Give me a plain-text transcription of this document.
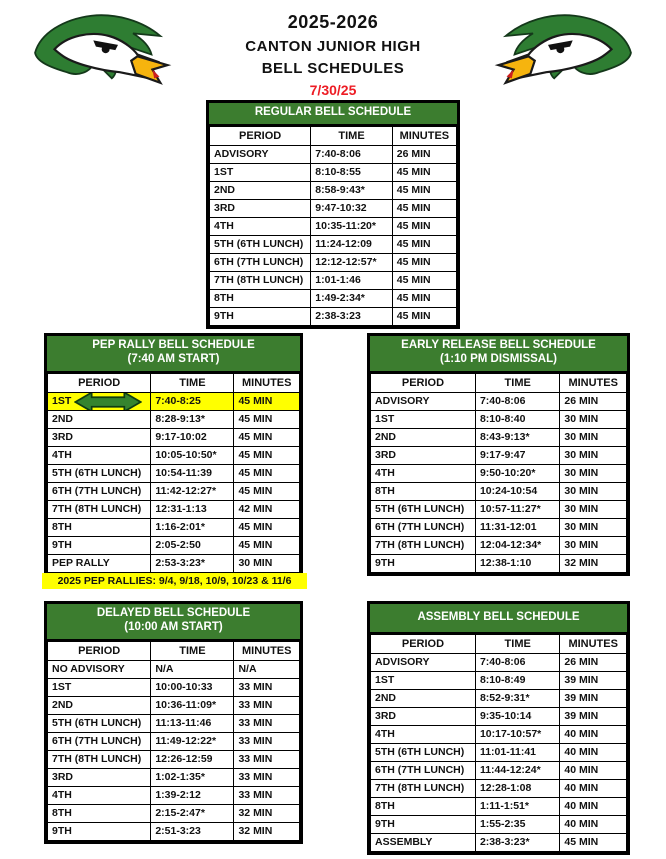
2025-2026
CANTON JUNIOR HIGH
BELL SCHEDULES
7/30/25
REGULAR BELL SCHEDULE
PERIOD	TIME	MINUTES
ADVISORY	7:40-8:06	26 MIN
1ST	8:10-8:55	45 MIN
2ND	8:58-9:43*	45 MIN
3RD	9:47-10:32	45 MIN
4TH	10:35-11:20*	45 MIN
5TH (6TH LUNCH)	11:24-12:09	45 MIN
6TH (7TH LUNCH)	12:12-12:57*	45 MIN
7TH (8TH LUNCH)	1:01-1:46	45 MIN
8TH	1:49-2:34*	45 MIN
9TH	2:38-3:23	45 MIN
PEP RALLY BELL SCHEDULE
(7:40 AM START)
PERIOD	TIME	MINUTES
1ST	7:40-8:25	45 MIN
2ND	8:28-9:13*	45 MIN
3RD	9:17-10:02	45 MIN
4TH	10:05-10:50*	45 MIN
5TH (6TH LUNCH)	10:54-11:39	45 MIN
6TH (7TH LUNCH)	11:42-12:27*	45 MIN
7TH (8TH LUNCH)	12:31-1:13	42 MIN
8TH	1:16-2:01*	45 MIN
9TH	2:05-2:50	45 MIN
PEP RALLY	2:53-3:23*	30 MIN
2025 PEP RALLIES: 9/4, 9/18, 10/9, 10/23 & 11/6
EARLY RELEASE BELL SCHEDULE
(1:10 PM DISMISSAL)
PERIOD	TIME	MINUTES
ADVISORY	7:40-8:06	26 MIN
1ST	8:10-8:40	30 MIN
2ND	8:43-9:13*	30 MIN
3RD	9:17-9:47	30 MIN
4TH	9:50-10:20*	30 MIN
8TH	10:24-10:54	30 MIN
5TH (6TH LUNCH)	10:57-11:27*	30 MIN
6TH (7TH LUNCH)	11:31-12:01	30 MIN
7TH (8TH LUNCH)	12:04-12:34*	30 MIN
9TH	12:38-1:10	32 MIN
DELAYED BELL SCHEDULE
(10:00 AM START)
PERIOD	TIME	MINUTES
NO ADVISORY	N/A	N/A
1ST	10:00-10:33	33 MIN
2ND	10:36-11:09*	33 MIN
5TH (6TH LUNCH)	11:13-11:46	33 MIN
6TH (7TH LUNCH)	11:49-12:22*	33 MIN
7TH (8TH LUNCH)	12:26-12:59	33 MIN
3RD	1:02-1:35*	33 MIN
4TH	1:39-2:12	33 MIN
8TH	2:15-2:47*	32 MIN
9TH	2:51-3:23	32 MIN
ASSEMBLY BELL SCHEDULE
PERIOD	TIME	MINUTES
ADVISORY	7:40-8:06	26 MIN
1ST	8:10-8:49	39 MIN
2ND	8:52-9:31*	39 MIN
3RD	9:35-10:14	39 MIN
4TH	10:17-10:57*	40 MIN
5TH (6TH LUNCH)	11:01-11:41	40 MIN
6TH (7TH LUNCH)	11:44-12:24*	40 MIN
7TH (8TH LUNCH)	12:28-1:08	40 MIN
8TH	1:11-1:51*	40 MIN
9TH	1:55-2:35	40 MIN
ASSEMBLY	2:38-3:23*	45 MIN
